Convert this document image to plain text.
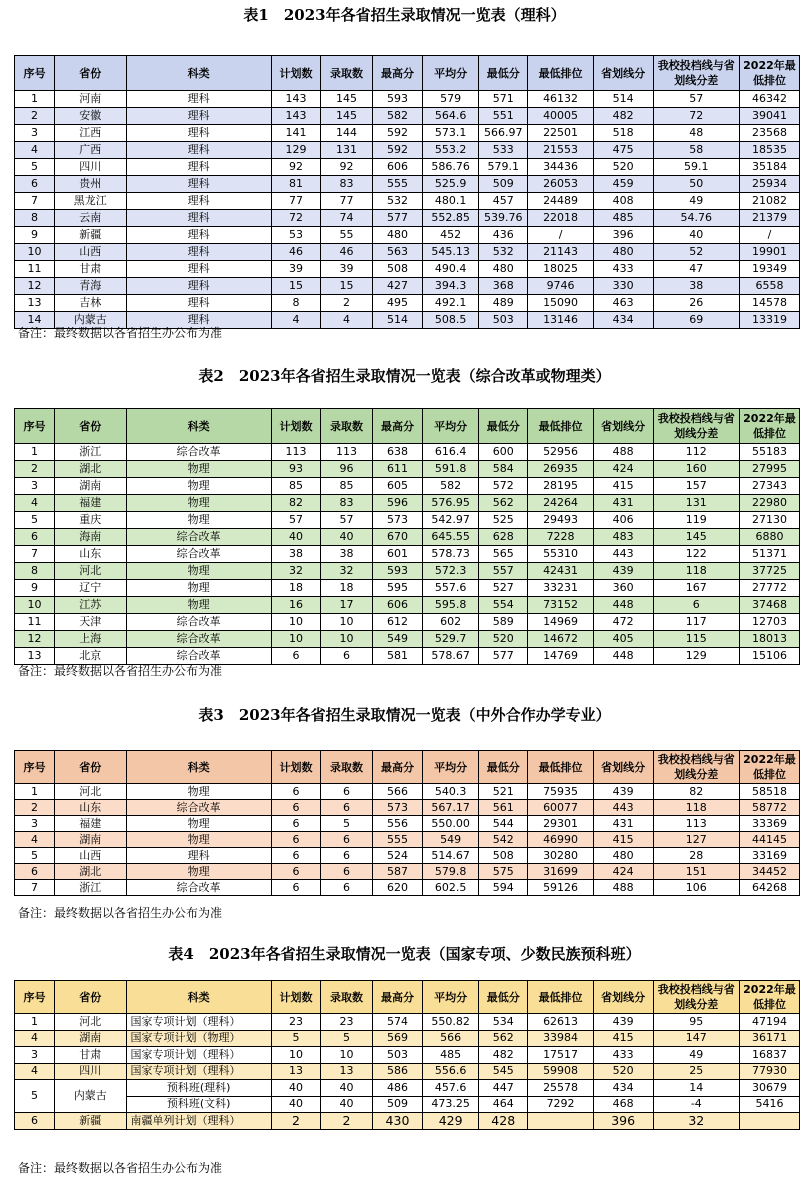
表1　2023年各省招生录取情况一览表（理科）
序号	省份	科类	计划数	录取数	最高分	平均分	最低分	最低排位	省划线分	我校投档线与省划线分差	2022年最低排位
1	河南	理科	143	145	593	579	571	46132	514	57	46342
2	安徽	理科	143	145	582	564.6	551	40005	482	72	39041
3	江西	理科	141	144	592	573.1	566.97	22501	518	48	23568
4	广西	理科	129	131	592	553.2	533	21553	475	58	18535
5	四川	理科	92	92	606	586.76	579.1	34436	520	59.1	35184
6	贵州	理科	81	83	555	525.9	509	26053	459	50	25934
7	黑龙江	理科	77	77	532	480.1	457	24489	408	49	21082
8	云南	理科	72	74	577	552.85	539.76	22018	485	54.76	21379
9	新疆	理科	53	55	480	452	436	/	396	40	/
10	山西	理科	46	46	563	545.13	532	21143	480	52	19901
11	甘肃	理科	39	39	508	490.4	480	18025	433	47	19349
12	青海	理科	15	15	427	394.3	368	9746	330	38	6558
13	吉林	理科	8	2	495	492.1	489	15090	463	26	14578
14	内蒙古	理科	4	4	514	508.5	503	13146	434	69	13319
备注：最终数据以各省招生办公布为准
表2　2023年各省招生录取情况一览表（综合改革或物理类）
序号	省份	科类	计划数	录取数	最高分	平均分	最低分	最低排位	省划线分	我校投档线与省划线分差	2022年最低排位
1	浙江	综合改革	113	113	638	616.4	600	52956	488	112	55183
2	湖北	物理	93	96	611	591.8	584	26935	424	160	27995
3	湖南	物理	85	85	605	582	572	28195	415	157	27343
4	福建	物理	82	83	596	576.95	562	24264	431	131	22980
5	重庆	物理	57	57	573	542.97	525	29493	406	119	27130
6	海南	综合改革	40	40	670	645.55	628	7228	483	145	6880
7	山东	综合改革	38	38	601	578.73	565	55310	443	122	51371
8	河北	物理	32	32	593	572.3	557	42431	439	118	37725
9	辽宁	物理	18	18	595	557.6	527	33231	360	167	27772
10	江苏	物理	16	17	606	595.8	554	73152	448	6	37468
11	天津	综合改革	10	10	612	602	589	14969	472	117	12703
12	上海	综合改革	10	10	549	529.7	520	14672	405	115	18013
13	北京	综合改革	6	6	581	578.67	577	14769	448	129	15106
备注：最终数据以各省招生办公布为准
表3　2023年各省招生录取情况一览表（中外合作办学专业）
序号	省份	科类	计划数	录取数	最高分	平均分	最低分	最低排位	省划线分	我校投档线与省划线分差	2022年最低排位
1	河北	物理	6	6	566	540.3	521	75935	439	82	58518
2	山东	综合改革	6	6	573	567.17	561	60077	443	118	58772
3	福建	物理	6	5	556	550.00	544	29301	431	113	33369
4	湖南	物理	6	6	555	549	542	46990	415	127	44145
5	山西	理科	6	6	524	514.67	508	30280	480	28	33169
6	湖北	物理	6	6	587	579.8	575	31699	424	151	34452
7	浙江	综合改革	6	6	620	602.5	594	59126	488	106	64268
备注：最终数据以各省招生办公布为准
表4　2023年各省招生录取情况一览表（国家专项、少数民族预科班）
序号	省份	科类	计划数	录取数	最高分	平均分	最低分	最低排位	省划线分	我校投档线与省划线分差	2022年最低排位
1	河北	国家专项计划（理科）	23	23	574	550.82	534	62613	439	95	47194
4	湖南	国家专项计划（物理）	5	5	569	566	562	33984	415	147	36171
3	甘肃	国家专项计划（理科）	10	10	503	485	482	17517	433	49	16837
4	四川	国家专项计划（理科）	13	13	586	556.6	545	59908	520	25	77930
5	内蒙古	预科班(理科)	40	40	486	457.6	447	25578	434	14	30679
		预科班(文科)	40	40	509	473.25	464	7292	468	-4	5416
6	新疆	南疆单列计划（理科）	2	2	430	429	428		396	32	
备注：最终数据以各省招生办公布为准
